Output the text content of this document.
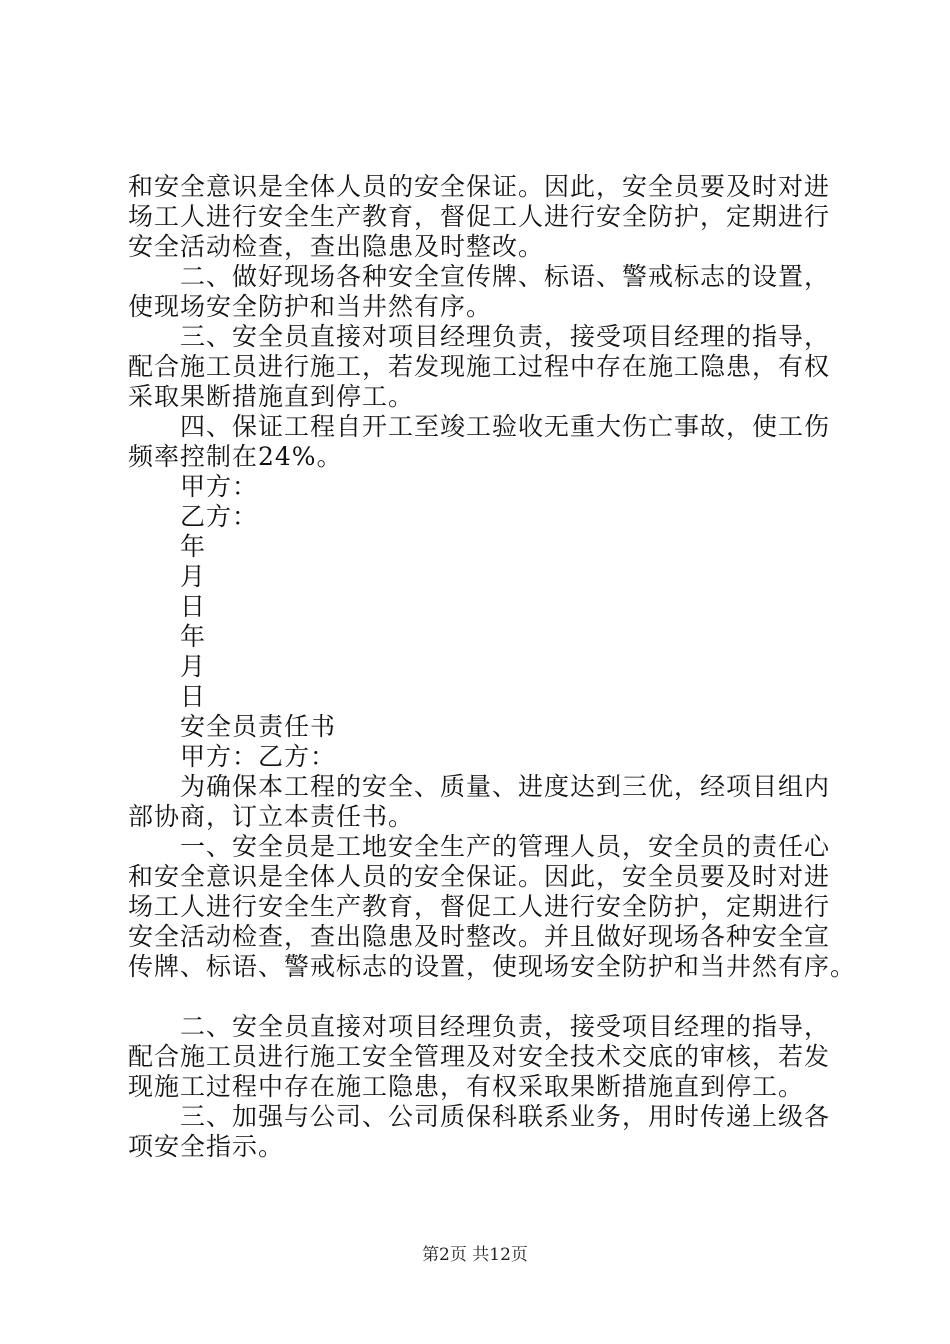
和安全意识是全体人员的安全保证。因此，安全员要及时对进
场工人进行安全生产教育，督促工人进行安全防护，定期进行
安全活动检查，查出隐患及时整改。
二、做好现场各种安全宣传牌、标语、警戒标志的设置，
使现场安全防护和当井然有序。
三、安全员直接对项目经理负责，接受项目经理的指导，
配合施工员进行施工，若发现施工过程中存在施工隐患，有权
采取果断措施直到停工。
四、保证工程自开工至竣工验收无重大伤亡事故，使工伤
频率控制在24%。
甲方：
乙方：
年
月
日
年
月
日
安全员责任书
甲方：乙方：
为确保本工程的安全、质量、进度达到三优，经项目组内
部协商，订立本责任书。
一、安全员是工地安全生产的管理人员，安全员的责任心
和安全意识是全体人员的安全保证。因此，安全员要及时对进
场工人进行安全生产教育，督促工人进行安全防护，定期进行
安全活动检查，查出隐患及时整改。并且做好现场各种安全宣
传牌、标语、警戒标志的设置，使现场安全防护和当井然有序。
二、安全员直接对项目经理负责，接受项目经理的指导，
配合施工员进行施工安全管理及对安全技术交底的审核，若发
现施工过程中存在施工隐患，有权采取果断措施直到停工。
三、加强与公司、公司质保科联系业务，用时传递上级各
项安全指示。
第2页 共12页
